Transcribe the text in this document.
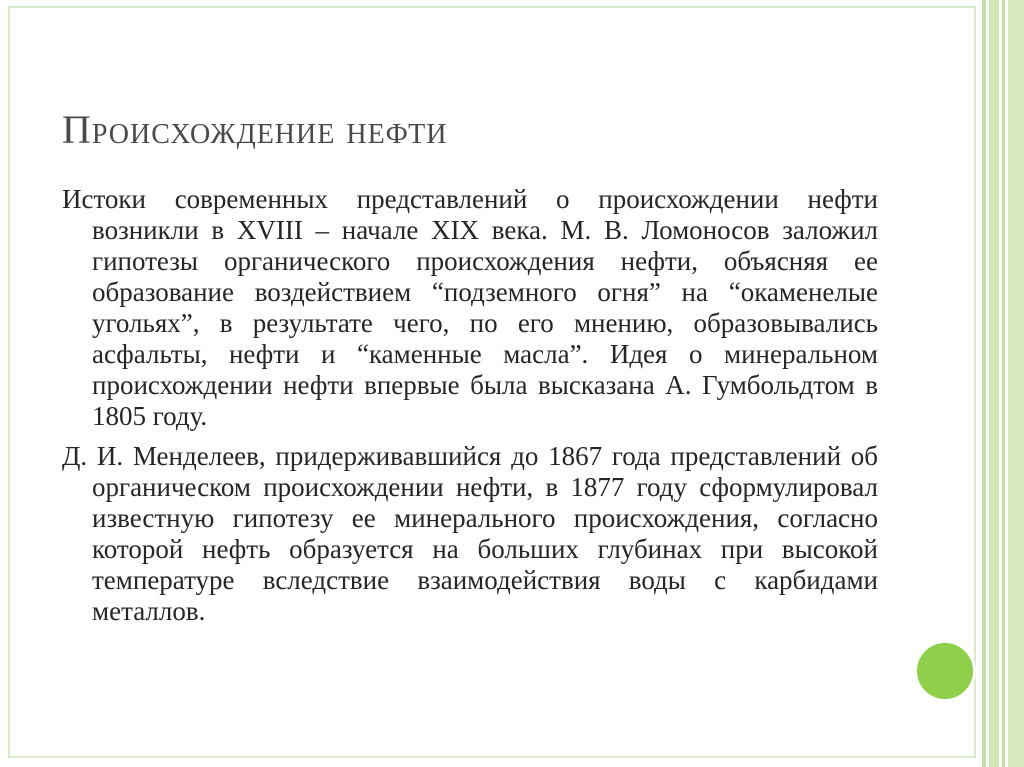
Происхождение нефти

Истоки современных представлений о происхождении нефти возникли в XVIII – начале XIX века. М. В. Ломоносов заложил гипотезы органического происхождения нефти, объясняя ее образование воздействием “подземного огня” на “окаменелые угольях”, в результате чего, по его мнению, образовывались асфальты, нефти и “каменные масла”. Идея о минеральном происхождении нефти впервые была высказана А. Гумбольдтом в 1805 году.

Д. И. Менделеев, придерживавшийся до 1867 года представлений об органическом происхождении нефти, в 1877 году сформулировал известную гипотезу ее минерального происхождения, согласно которой нефть образуется на больших глубинах при высокой температуре вследствие взаимодействия воды с карбидами металлов.
